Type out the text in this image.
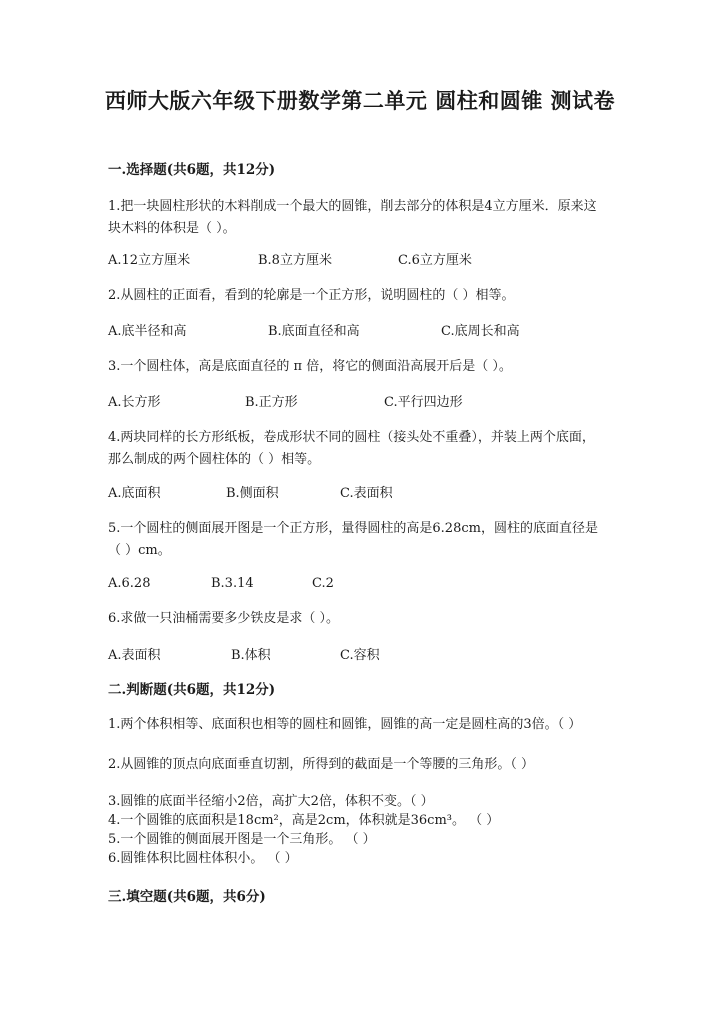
西师大版六年级下册数学第二单元 圆柱和圆锥 测试卷
一.选择题(共6题，共12分)
1.把一块圆柱形状的木料削成一个最大的圆锥，削去部分的体积是4立方厘米．原来这块木料的体积是（ ）。
A.12立方厘米	B.8立方厘米	C.6立方厘米
2.从圆柱的正面看，看到的轮廓是一个正方形，说明圆柱的（ ）相等。
A.底半径和高	B.底面直径和高	C.底周长和高
3.一个圆柱体，高是底面直径的 π 倍，将它的侧面沿高展开后是（ ）。
A.长方形	B.正方形	C.平行四边形
4.两块同样的长方形纸板，卷成形状不同的圆柱（接头处不重叠），并装上两个底面，那么制成的两个圆柱体的（ ）相等。
A.底面积	B.侧面积	C.表面积
5.一个圆柱的侧面展开图是一个正方形，量得圆柱的高是6.28cm，圆柱的底面直径是（ ）cm。
A.6.28	B.3.14	C.2
6.求做一只油桶需要多少铁皮是求（ ）。
A.表面积	B.体积	C.容积
二.判断题(共6题，共12分)
1.两个体积相等、底面积也相等的圆柱和圆锥，圆锥的高一定是圆柱高的3倍。（ ）
2.从圆锥的顶点向底面垂直切割，所得到的截面是一个等腰的三角形。（ ）
3.圆锥的底面半径缩小2倍，高扩大2倍，体积不变。（ ）
4.一个圆锥的底面积是18cm²，高是2cm，体积就是36cm³。 （ ）
5.一个圆锥的侧面展开图是一个三角形。 （ ）
6.圆锥体积比圆柱体积小。 （ ）
三.填空题(共6题，共6分)
